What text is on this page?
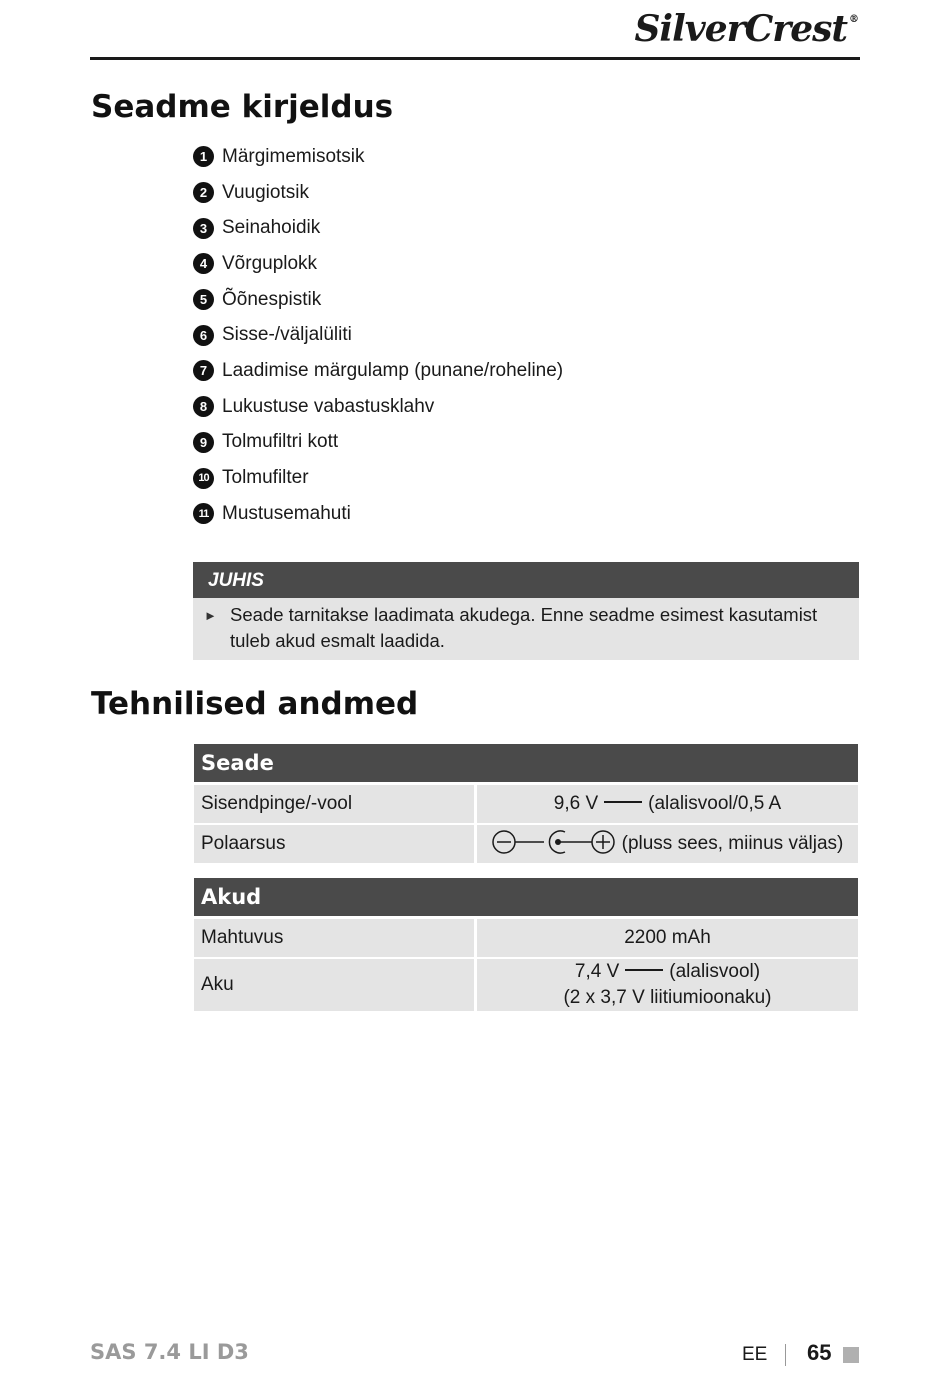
SilverCrest ®
Seadme kirjeldus
1 Märgimemisotsik
2 Vuugiotsik
3 Seinahoidik
4 Võrguplokk
5 Õõnespistik
6 Sisse-/väljalüliti
7 Laadimise märgulamp (punane/roheline)
8 Lukustuse vabastusklahv
9 Tolmufiltri kott
10 Tolmufilter
11 Mustusemahuti
JUHIS
► Seade tarnitakse laadimata akudega. Enne seadme esimest kasutamist tuleb akud esmalt laadida.
Tehnilised andmed
Seade	
Sisendpinge/-vool	9,6 V (alalisvool/0,5 A
Polaarsus	(pluss sees, miinus väljas)
Akud	
Mahtuvus	2200 mAh
Aku	7,4 V (alalisvool)
(2 x 3,7 V liitiumioonaku)
SAS 7.4 LI D3	EE 65
